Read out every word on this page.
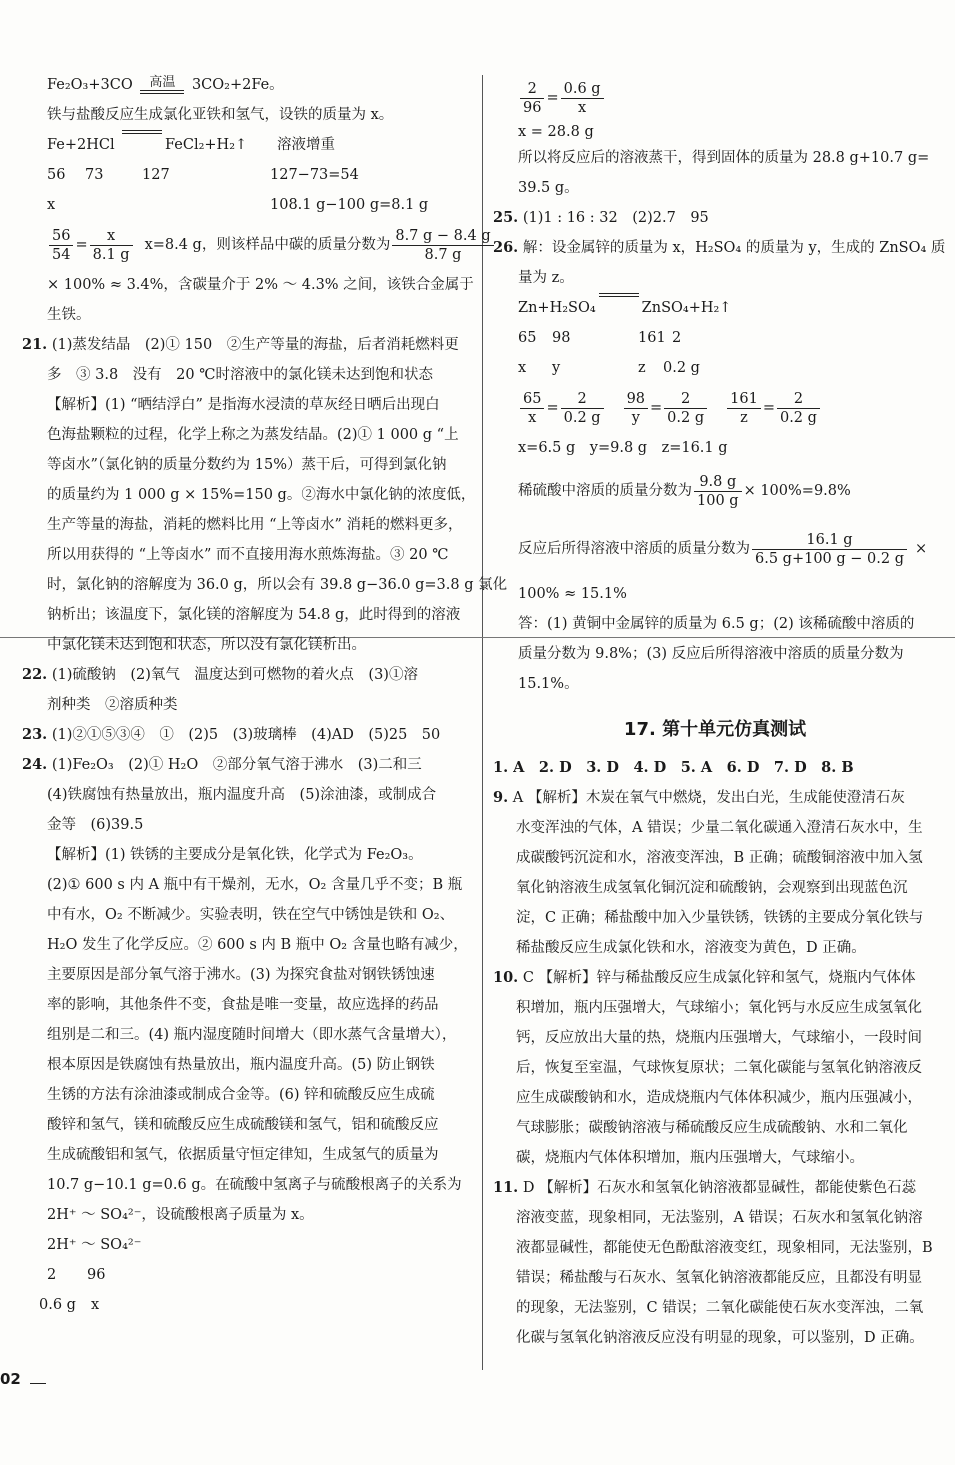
Fe₂O₃+3CO 高温 3CO₂+2Fe。
铁与盐酸反应生成氯化亚铁和氢气，设铁的质量为 x。
Fe+2HCl	FeCl₂+H₂↑	溶液增重
56	73	127	127−73=54
x	108.1 g−100 g=8.1 g
$\frac{56}{54} = \frac{x}{8.1 g} x=8.4$ g，则该样品中碳的质量分数为 $\frac{8.7 g - 8.4 g}{8.7 g}$
× 100% ≈ 3.4%，含碳量介于 2% ～ 4.3% 之间，该铁合金属于
生铁。
21. (1)蒸发结晶　(2)① 150　②生产等量的海盐，后者消耗燃料更
多　③ 3.8　没有　20 ℃时溶液中的氯化镁未达到饱和状态
【解析】(1) “晒结浮白” 是指海水浸渍的草灰经日晒后出现白
色海盐颗粒的过程，化学上称之为蒸发结晶。(2)① 1 000 g “上
等卤水”（氯化钠的质量分数约为 15%）蒸干后，可得到氯化钠
的质量约为 1 000 g × 15%=150 g。②海水中氯化钠的浓度低，
生产等量的海盐，消耗的燃料比用 “上等卤水” 消耗的燃料更多，
所以用获得的 “上等卤水” 而不直接用海水煎炼海盐。③ 20 ℃
时，氯化钠的溶解度为 36.0 g，所以会有 39.8 g−36.0 g=3.8 g 氯化
钠析出；该温度下，氯化镁的溶解度为 54.8 g，此时得到的溶液
中氯化镁未达到饱和状态，所以没有氯化镁析出。
22. (1)硫酸钠　(2)氧气　温度达到可燃物的着火点　(3)①溶
剂种类　②溶质种类
23. (1)②①⑤③④　①　(2)5　(3)玻璃棒　(4)AD　(5)25　50
24. (1)Fe₂O₃　(2)① H₂O　②部分氧气溶于沸水　(3)二和三
(4)铁腐蚀有热量放出，瓶内温度升高　(5)涂油漆，或制成合
金等　(6)39.5
【解析】(1) 铁锈的主要成分是氧化铁，化学式为 Fe₂O₃。
(2)① 600 s 内 A 瓶中有干燥剂，无水，O₂ 含量几乎不变；B 瓶
中有水，O₂ 不断减少。实验表明，铁在空气中锈蚀是铁和 O₂、
H₂O 发生了化学反应。② 600 s 内 B 瓶中 O₂ 含量也略有减少，
主要原因是部分氧气溶于沸水。(3) 为探究食盐对钢铁锈蚀速
率的影响，其他条件不变，食盐是唯一变量，故应选择的药品
组别是二和三。(4) 瓶内湿度随时间增大（即水蒸气含量增大），
根本原因是铁腐蚀有热量放出，瓶内温度升高。(5) 防止钢铁
生锈的方法有涂油漆或制成合金等。(6) 锌和硫酸反应生成硫
酸锌和氢气，镁和硫酸反应生成硫酸镁和氢气，铝和硫酸反应
生成硫酸铝和氢气，依据质量守恒定律知，生成氢气的质量为
10.7 g−10.1 g=0.6 g。在硫酸中氢离子与硫酸根离子的关系为
2H⁺ ～ SO₄²⁻，设硫酸根离子质量为 x。
2H⁺ ～ SO₄²⁻
2	96
0.6 g x
$\frac{2}{96} = \frac{0.6 g}{x}$
x = 28.8 g
所以将反应后的溶液蒸干，得到固体的质量为 28.8 g+10.7 g=
39.5 g。
25. (1)1 : 16 : 32　(2)2.7　95
26. 解：设金属锌的质量为 x，H₂SO₄ 的质量为 y，生成的 ZnSO₄ 质
量为 z。
Zn+H₂SO₄	ZnSO₄+H₂↑
65	98	161 2
x	y	z	0.2 g
$\frac{65}{x} = \frac{2}{0.2 g} \frac{98}{y} = \frac{2}{0.2 g} \frac{161}{z} = \frac{2}{0.2 g}$
x=6.5 g　y=9.8 g　z=16.1 g
稀硫酸中溶质的质量分数为 $\frac{9.8 g}{100 g} \times 100\%=9.8\%$
反应后所得溶液中溶质的质量分数为 $\frac{16.1 g}{6.5 g+100 g - 0.2 g}$ ×
100% ≈ 15.1%
答：(1) 黄铜中金属锌的质量为 6.5 g；(2) 该稀硫酸中溶质的
质量分数为 9.8%；(3) 反应后所得溶液中溶质的质量分数为
15.1%。
17. 第十单元仿真测试
1. A　2. D　3. D　4. D　5. A　6. D　7. D　8. B
9. A 【解析】木炭在氧气中燃烧，发出白光，生成能使澄清石灰
水变浑浊的气体，A 错误；少量二氧化碳通入澄清石灰水中，生
成碳酸钙沉淀和水，溶液变浑浊，B 正确；硫酸铜溶液中加入氢
氧化钠溶液生成氢氧化铜沉淀和硫酸钠，会观察到出现蓝色沉
淀，C 正确；稀盐酸中加入少量铁锈，铁锈的主要成分氧化铁与
稀盐酸反应生成氯化铁和水，溶液变为黄色，D 正确。
10. C 【解析】锌与稀盐酸反应生成氯化锌和氢气，烧瓶内气体体
积增加，瓶内压强增大，气球缩小；氧化钙与水反应生成氢氧化
钙，反应放出大量的热，烧瓶内压强增大，气球缩小，一段时间
后，恢复至室温，气球恢复原状；二氧化碳能与氢氧化钠溶液反
应生成碳酸钠和水，造成烧瓶内气体体积减少，瓶内压强减小，
气球膨胀；碳酸钠溶液与稀硫酸反应生成硫酸钠、水和二氧化
碳，烧瓶内气体体积增加，瓶内压强增大，气球缩小。
11. D 【解析】石灰水和氢氧化钠溶液都显碱性，都能使紫色石蕊
溶液变蓝，现象相同，无法鉴别，A 错误；石灰水和氢氧化钠溶
液都显碱性，都能使无色酚酞溶液变红，现象相同，无法鉴别，B
错误；稀盐酸与石灰水、氢氧化钠溶液都能反应，且都没有明显
的现象，无法鉴别，C 错误；二氧化碳能使石灰水变浑浊，二氧
化碳与氢氧化钠溶液反应没有明显的现象，可以鉴别，D 正确。
02
